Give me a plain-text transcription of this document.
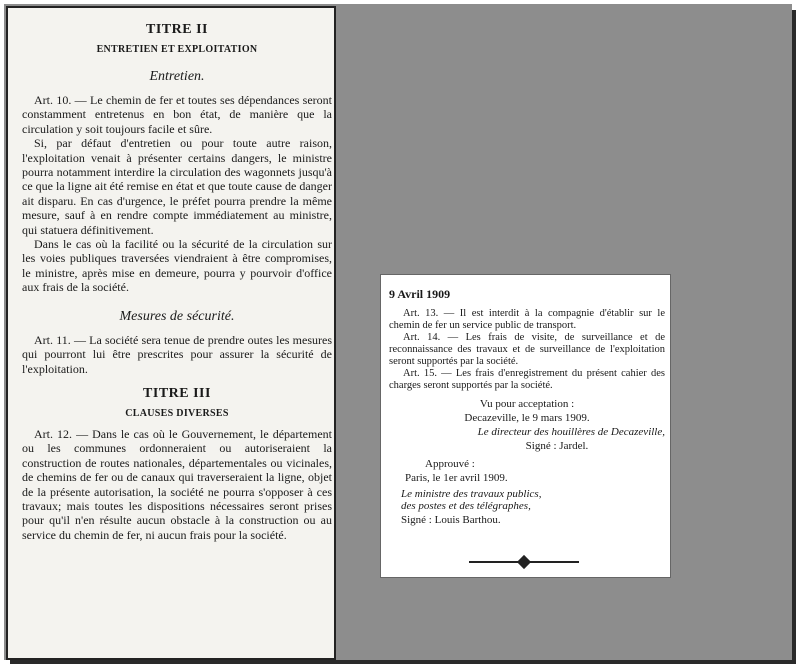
TITRE II

ENTRETIEN ET EXPLOITATION

Entretien.

Art. 10. — Le chemin de fer et toutes ses dépendances seront constamment entretenus en bon état, de manière que la circulation y soit toujours facile et sûre.

Si, par défaut d'entretien ou pour toute autre raison, l'exploitation venait à présenter certains dangers, le ministre pourra notamment interdire la circulation des wagonnets jusqu'à ce que la ligne ait été remise en état et que toute cause de danger ait disparu. En cas d'urgence, le préfet pourra prendre la même mesure, sauf à en rendre compte immédiatement au ministre, qui statuera définitivement.

Dans le cas où la facilité ou la sécurité de la circulation sur les voies publiques traversées viendraient à être compromises, le ministre, après mise en demeure, pourra y pourvoir d'office aux frais de la société.

Mesures de sécurité.

Art. 11. — La société sera tenue de prendre outes les mesures qui pourront lui être prescrites pour assurer la sécurité de l'exploitation.

TITRE III

CLAUSES DIVERSES

Art. 12. — Dans le cas où le Gouvernement, le département ou les communes ordonneraient ou autoriseraient la construction de routes nationales, départementales ou vicinales, de chemins de fer ou de canaux qui traverseraient la ligne, objet de la présente autorisation, la société ne pourra s'opposer à ces travaux; mais toutes les dispositions nécessaires seront prises pour qu'il n'en résulte aucun obstacle à la construction ou au service du chemin de fer, ni aucun frais pour la société.

9 Avril 1909

Art. 13. — Il est interdit à la compagnie d'établir sur le chemin de fer un service public de transport.

Art. 14. — Les frais de visite, de surveillance et de reconnaissance des travaux et de surveillance de l'exploitation seront supportés par la société.

Art. 15. — Les frais d'enregistrement du présent cahier des charges seront supportés par la société.

Vu pour acceptation :

Decazeville, le 9 mars 1909.

Le directeur des houillères de Decazeville,

Signé : Jardel.

Approuvé :

Paris, le 1er avril 1909.

Le ministre des travaux publics,

des postes et des télégraphes,

Signé : Louis Barthou.
